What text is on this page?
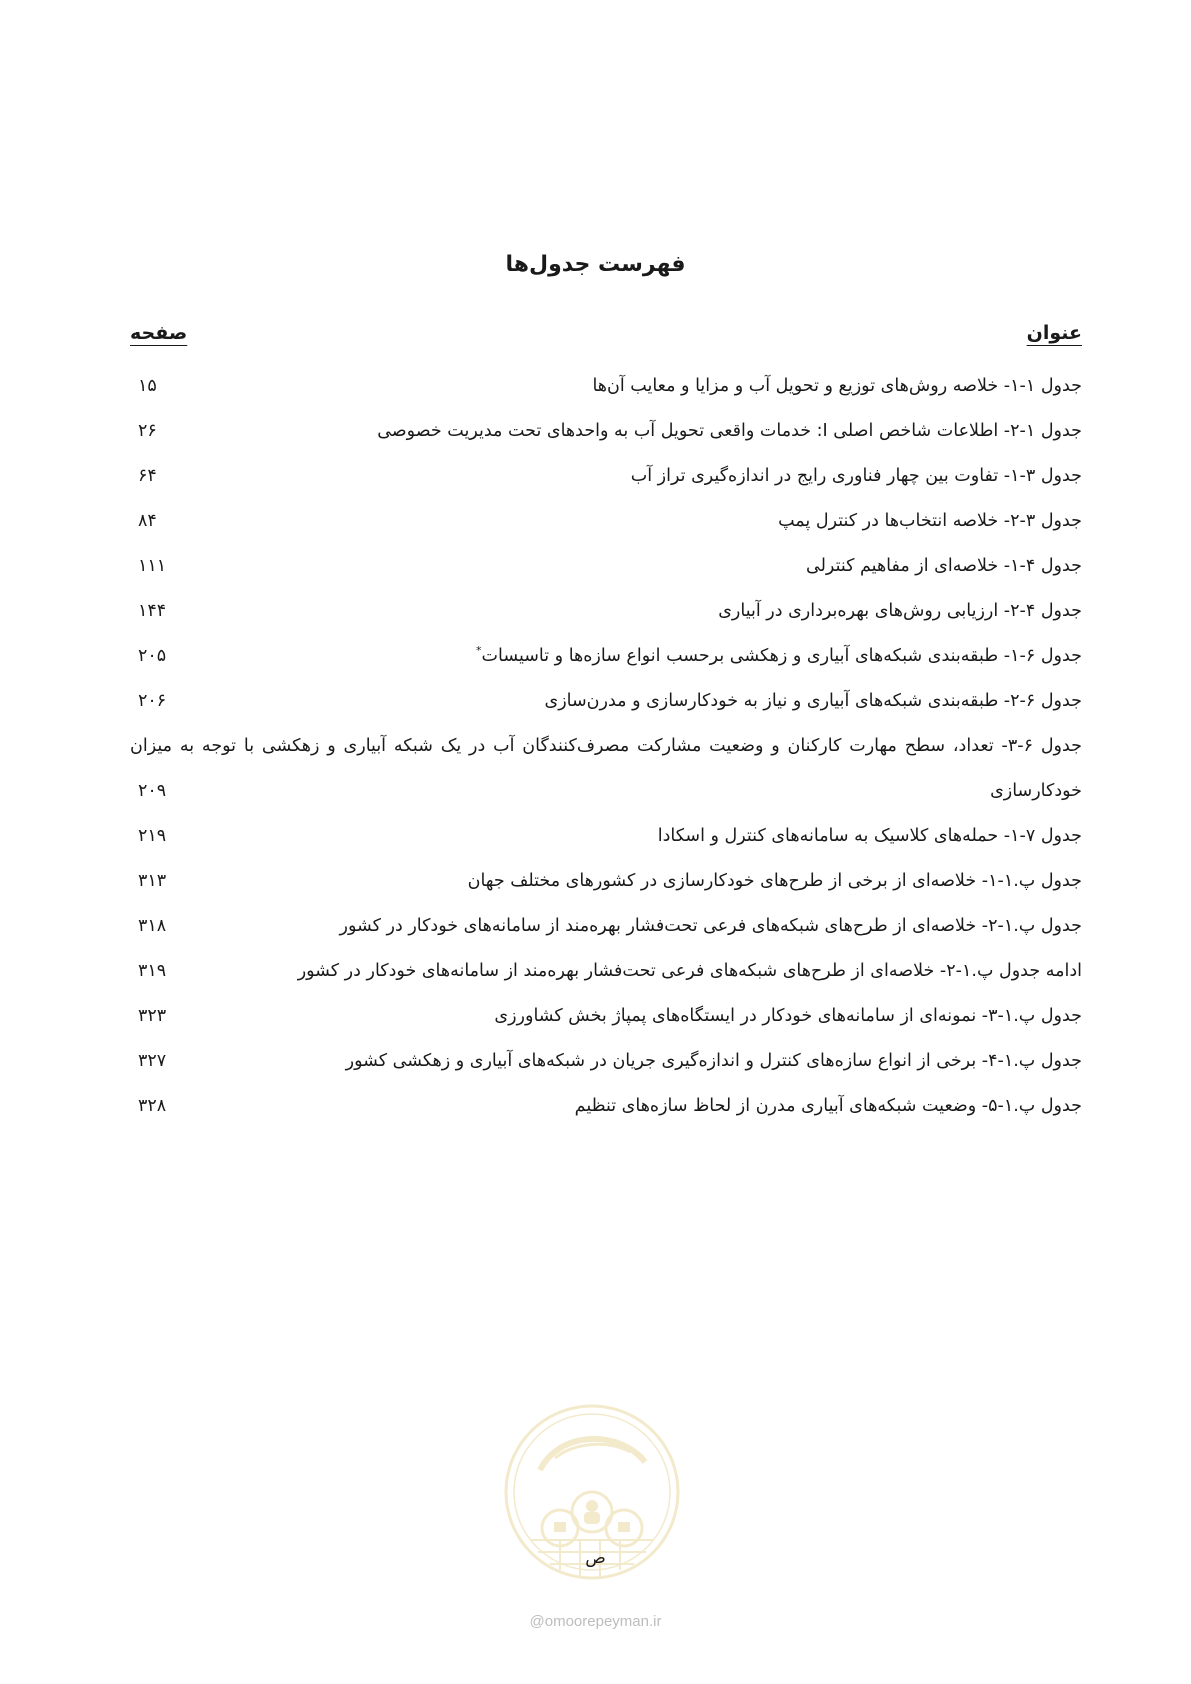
فهرست جدول‌ها
عنوان
صفحه
جدول ۱-۱- خلاصه روش‌های توزیع و تحویل آب و مزایا و معایب آن‌ها
۱۵
جدول ۱-۲- اطلاعات شاخص اصلی I: خدمات واقعی تحویل آب به واحدهای تحت مدیریت خصوصی
۲۶
جدول ۳-۱- تفاوت بین چهار فناوری رایج در اندازه‌گیری تراز آب
۶۴
جدول ۳-۲- خلاصه انتخاب‌ها در کنترل پمپ
۸۴
جدول ۴-۱- خلاصه‌ای از مفاهیم کنترلی
۱۱۱
جدول ۴-۲- ارزیابی روش‌های بهره‌برداری در آبیاری
۱۴۴
جدول ۶-۱- طبقه‌بندی شبکه‌های آبیاری و زهکشی برحسب انواع سازه‌ها و تاسیسات*
۲۰۵
جدول ۶-۲- طبقه‌بندی شبکه‌های آبیاری و نیاز به خودکارسازی و مدرن‌سازی
۲۰۶
جدول ۶-۳- تعداد، سطح مهارت کارکنان و وضعیت مشارکت مصرف‌کنندگان آب در یک شبکه آبیاری و زهکشی با توجه به میزان خودکارسازی
۲۰۹
جدول ۷-۱- حمله‌های کلاسیک به سامانه‌های کنترل و اسکادا
۲۱۹
جدول پ.۱-۱- خلاصه‌ای از برخی از طرح‌های خودکارسازی در کشورهای مختلف جهان
۳۱۳
جدول پ.۱-۲- خلاصه‌ای از طرح‌های شبکه‌های فرعی تحت‌فشار بهره‌مند از سامانه‌های خودکار در کشور
۳۱۸
ادامه جدول پ.۱-۲- خلاصه‌ای از طرح‌های شبکه‌های فرعی تحت‌فشار بهره‌مند از سامانه‌های خودکار در کشور
۳۱۹
جدول پ.۱-۳- نمونه‌ای از سامانه‌های خودکار در ایستگاه‌های پمپاژ بخش کشاورزی
۳۲۳
جدول پ.۱-۴- برخی از انواع سازه‌های کنترل و اندازه‌گیری جریان در شبکه‌های آبیاری و زهکشی کشور
۳۲۷
جدول پ.۱-۵- وضعیت شبکه‌های آبیاری مدرن از لحاظ سازه‌های تنظیم
۳۲۸
ص
@omoorepeyman.ir
